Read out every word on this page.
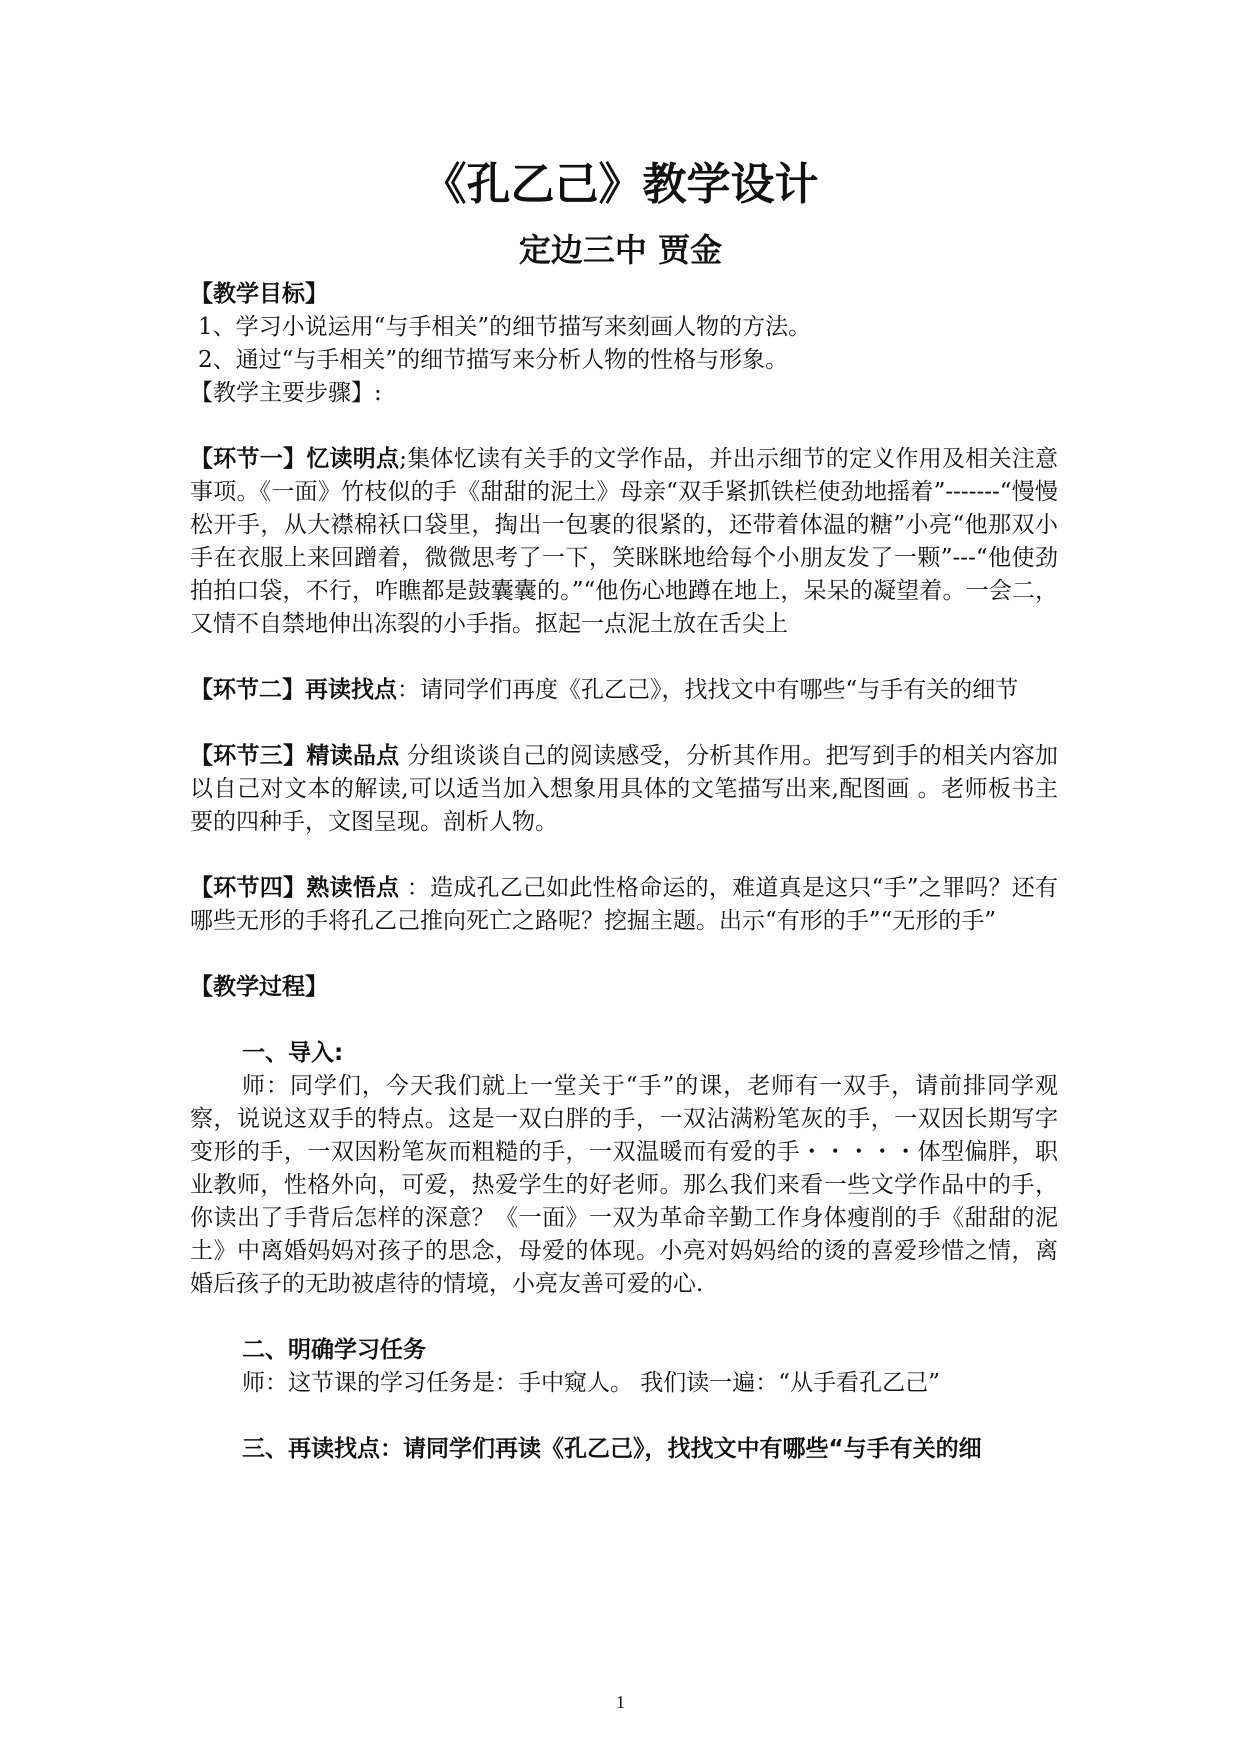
《孔乙己》教学设计
定边三中 贾金

【教学目标】

1、学习小说运用“与手相关”的细节描写来刻画人物的方法。

2、通过“与手相关”的细节描写来分析人物的性格与形象。

【教学主要步骤】:

【环节一】忆读明点;集体忆读有关手的文学作品，并出示细节的定义作用及相关注意事项。《一面》竹枝似的手《甜甜的泥土》母亲“双手紧抓铁栏使劲地摇着”-------“慢慢松开手，从大襟棉袄口袋里，掏出一包裹的很紧的，还带着体温的糖”小亮“他那双小手在衣服上来回蹭着，微微思考了一下，笑眯眯地给每个小朋友发了一颗”---“他使劲拍拍口袋，不行，咋瞧都是鼓囊囊的。”“他伤心地蹲在地上，呆呆的凝望着。一会二，又情不自禁地伸出冻裂的小手指。抠起一点泥土放在舌尖上

【环节二】再读找点：请同学们再度《孔乙己》，找找文中有哪些“与手有关的细节

【环节三】精读品点 分组谈谈自己的阅读感受，分析其作用。把写到手的相关内容加以自己对文本的解读,可以适当加入想象用具体的文笔描写出来,配图画 。老师板书主要的四种手，文图呈现。剖析人物。

【环节四】熟读悟点 ：造成孔乙己如此性格命运的，难道真是这只“手”之罪吗？还有哪些无形的手将孔乙己推向死亡之路呢？挖掘主题。出示“有形的手”“无形的手”

【教学过程】

一、导入:

师：同学们，今天我们就上一堂关于“手”的课，老师有一双手，请前排同学观察，说说这双手的特点。这是一双白胖的手，一双沾满粉笔灰的手，一双因长期写字变形的手，一双因粉笔灰而粗糙的手，一双温暖而有爱的手・・・・・体型偏胖，职业教师，性格外向，可爱，热爱学生的好老师。那么我们来看一些文学作品中的手，你读出了手背后怎样的深意？《一面》一双为革命辛勤工作身体瘦削的手《甜甜的泥土》中离婚妈妈对孩子的思念，母爱的体现。小亮对妈妈给的烫的喜爱珍惜之情，离婚后孩子的无助被虐待的情境，小亮友善可爱的心.

二、明确学习任务

师：这节课的学习任务是：手中窥人。 我们读一遍：“从手看孔乙己”

三、再读找点：请同学们再读《孔乙己》，找找文中有哪些“与手有关的细

1
